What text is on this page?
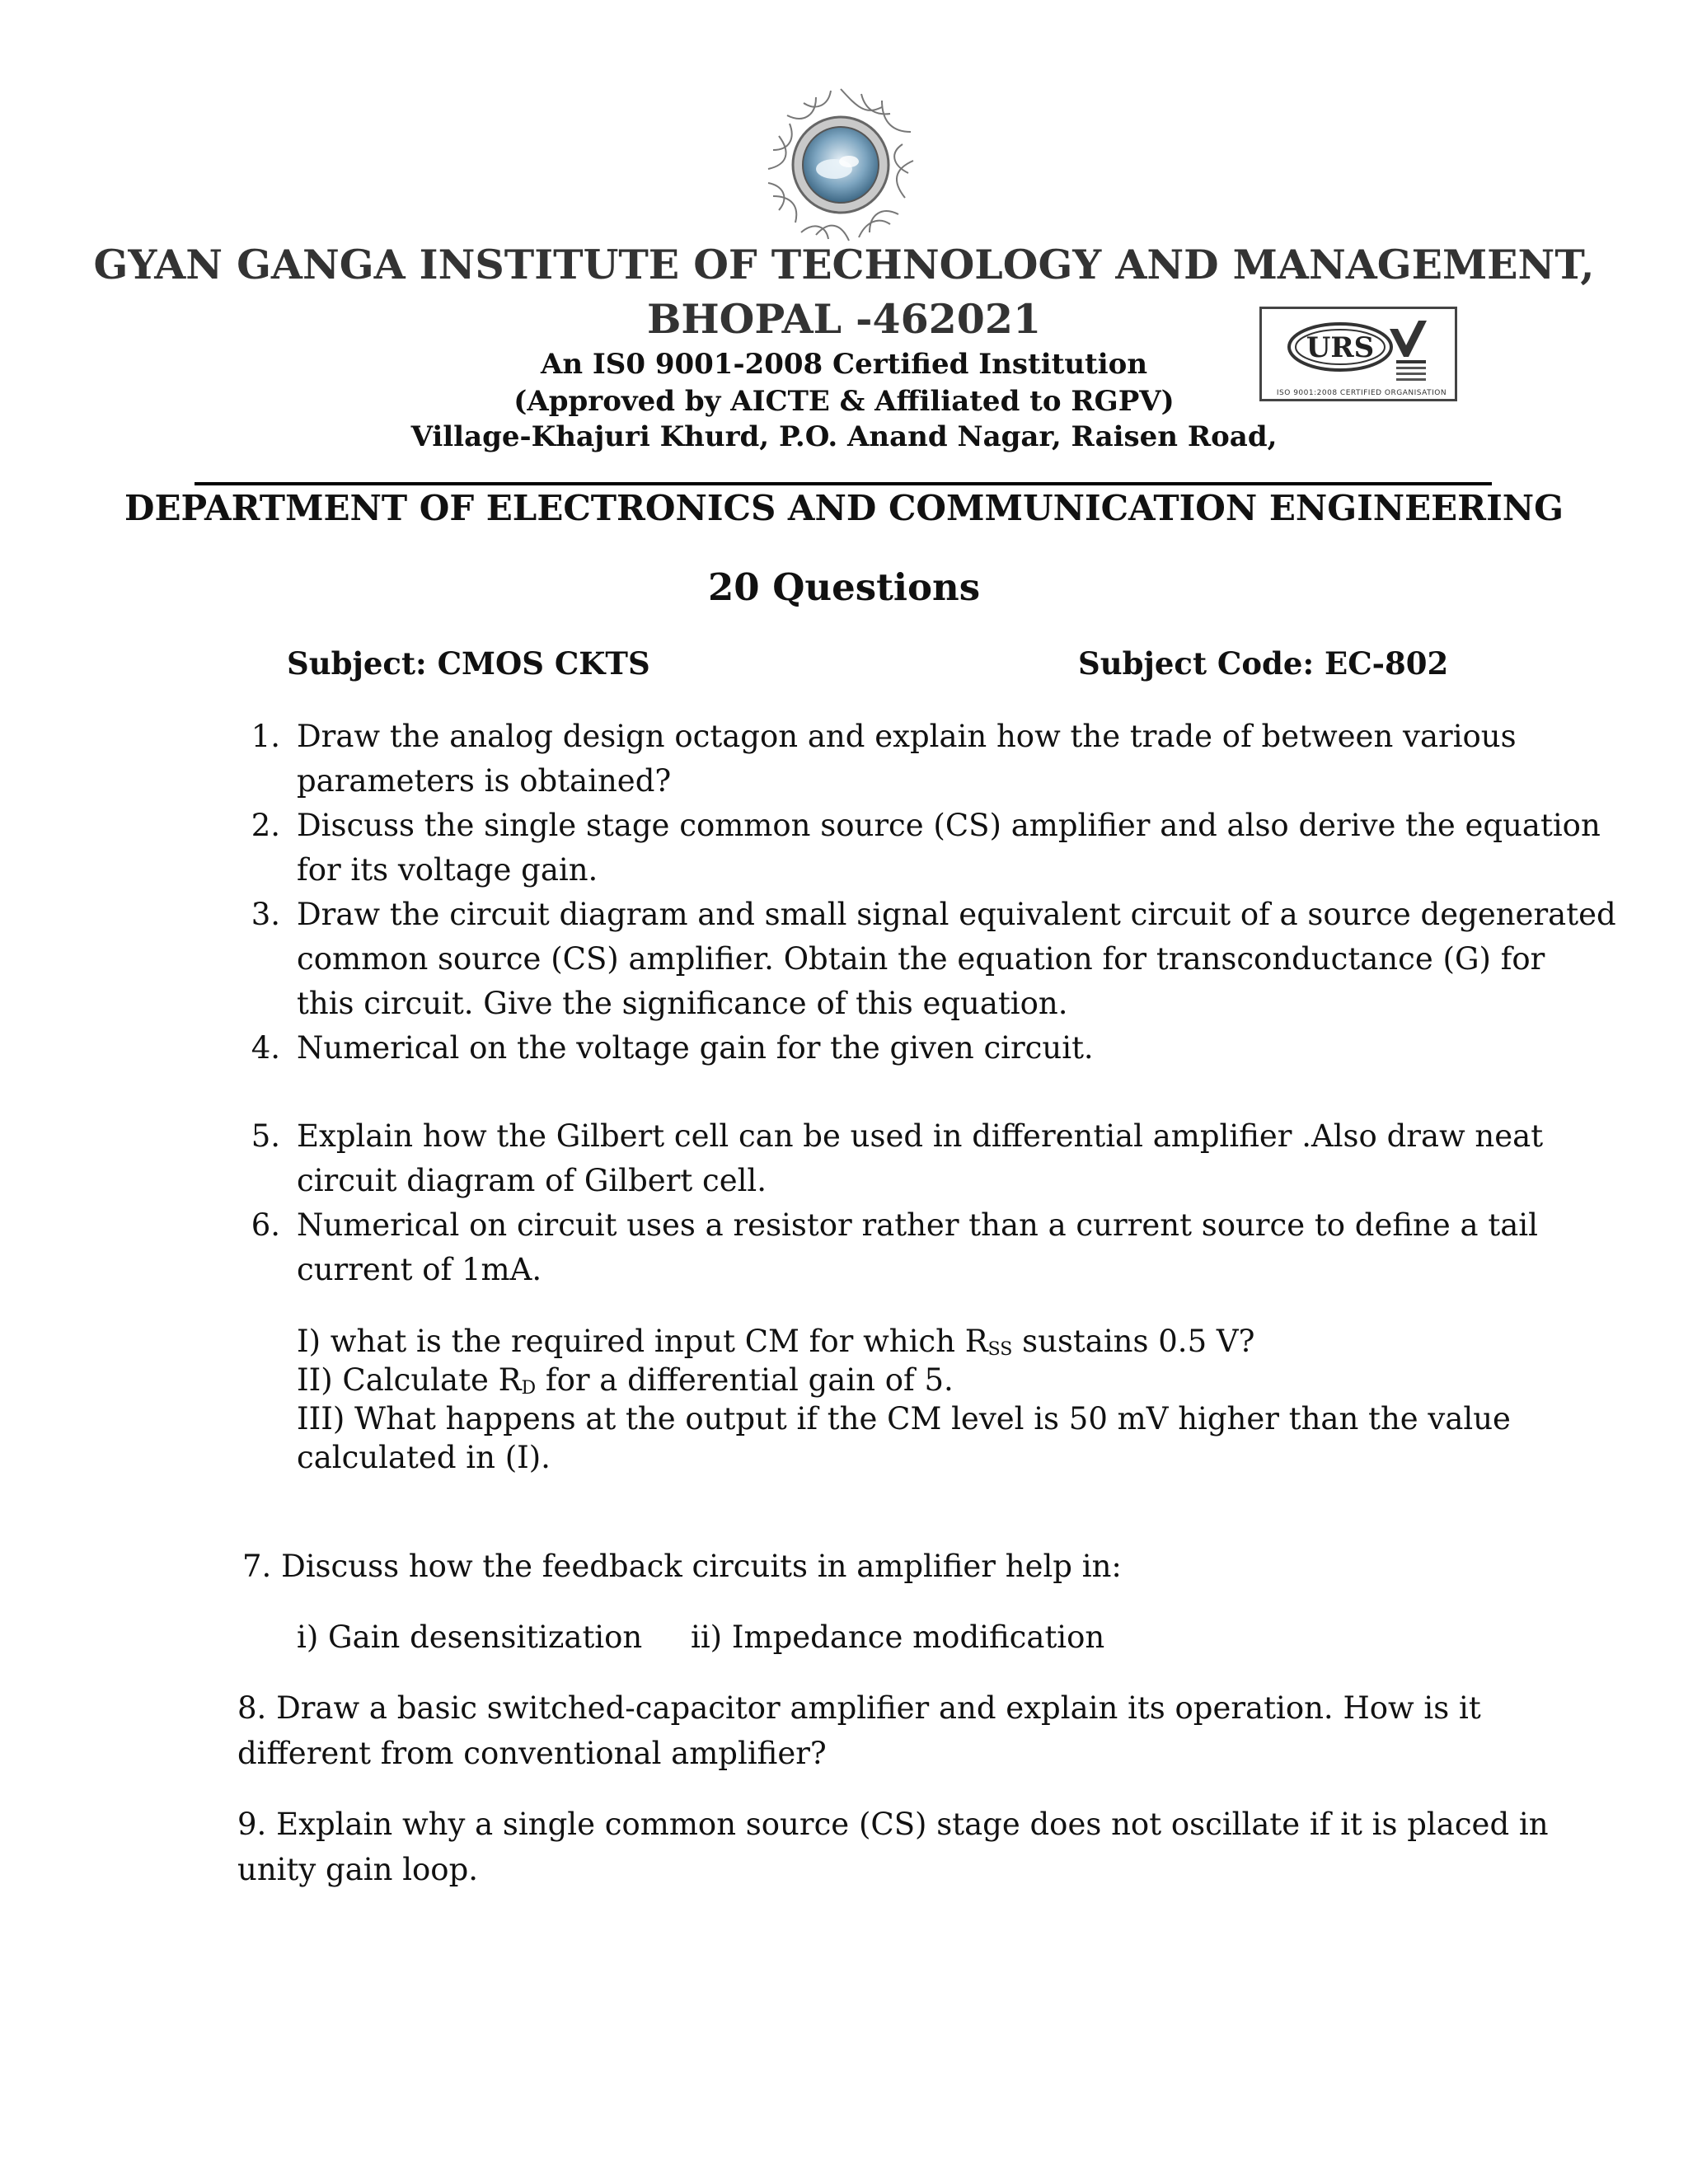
GYAN GANGA INSTITUTE OF TECHNOLOGY AND MANAGEMENT,
BHOPAL -462021
An IS0 9001-2008 Certified Institution
(Approved by AICTE & Affiliated to RGPV)
Village-Khajuri Khurd, P.O. Anand Nagar, Raisen Road,
URS
ISO 9001:2008 CERTIFIED ORGANISATION
DEPARTMENT OF ELECTRONICS AND COMMUNICATION ENGINEERING
20 Questions
Subject: CMOS CKTS	Subject Code: EC-802
1. Draw the analog design octagon and explain how the trade of between various
parameters is obtained?
2. Discuss the single stage common source (CS) amplifier and also derive the equation
for its voltage gain.
3. Draw the circuit diagram and small signal equivalent circuit of a source degenerated
common source (CS) amplifier. Obtain the equation for transconductance (G) for
this circuit. Give the significance of this equation.
4. Numerical on the voltage gain for the given circuit.
5. Explain how the Gilbert cell can be used in differential amplifier .Also draw neat
circuit diagram of Gilbert cell.
6. Numerical on circuit uses a resistor rather than a current source to define a tail
current of 1mA.
I) what is the required input CM for which $R_{SS}$ sustains 0.5 V?
II) Calculate $R_D$ for a differential gain of 5.
III) What happens at the output if the CM level is 50 mV higher than the value
calculated in (I).
7. Discuss how the feedback circuits in amplifier help in:
i) Gain desensitization ii) Impedance modification
8. Draw a basic switched-capacitor amplifier and explain its operation. How is it
different from conventional amplifier?
9. Explain why a single common source (CS) stage does not oscillate if it is placed in
unity gain loop.
